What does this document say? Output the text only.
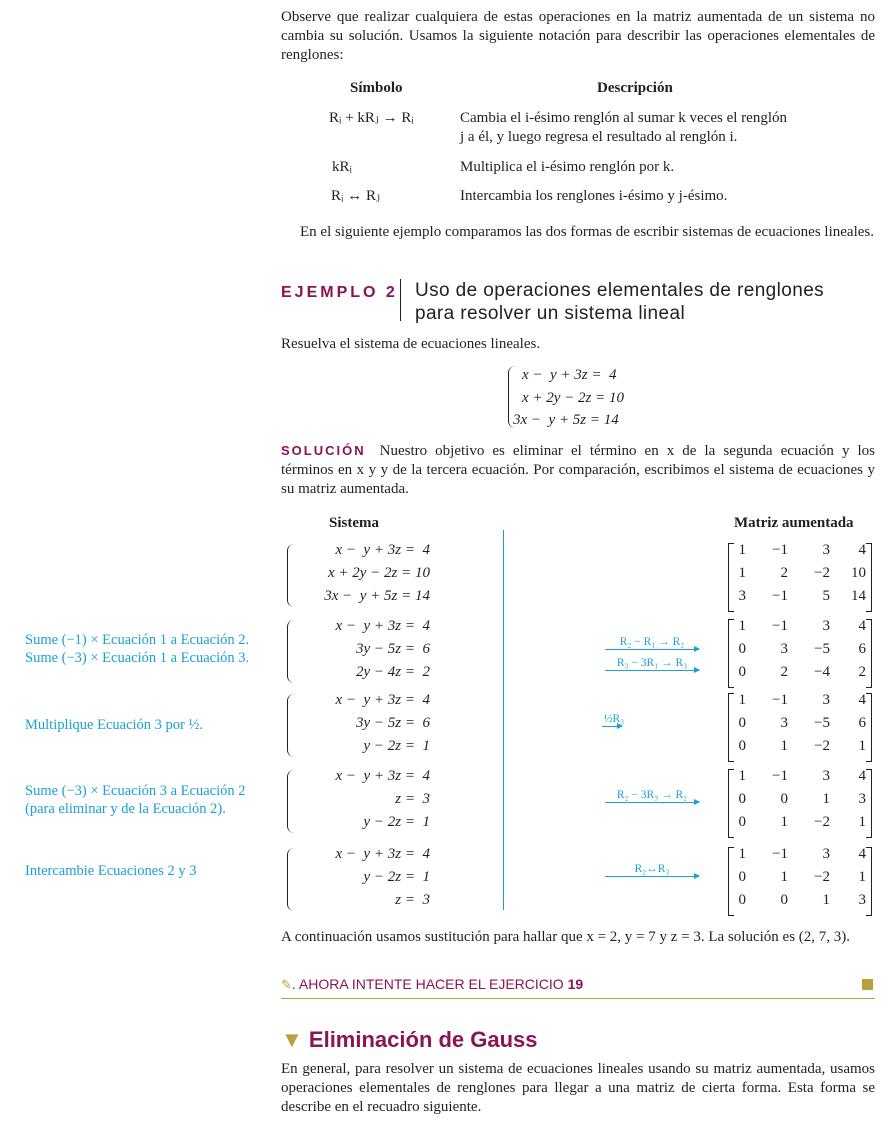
Observe que realizar cualquiera de estas operaciones en la matriz aumentada de un sistema no cambia su solución. Usamos la siguiente notación para describir las operaciones elementales de renglones:
Símbolo	Descripción
Rᵢ + kRⱼ → Rᵢ	Cambia el i-ésimo renglón al sumar k veces el renglón
j a él, y luego regresa el resultado al renglón i.
kRᵢ	Multiplica el i-ésimo renglón por k.
Rᵢ ↔ Rⱼ	Intercambia los renglones i-ésimo y j-ésimo.
En el siguiente ejemplo comparamos las dos formas de escribir sistemas de ecuaciones lineales.
EJEMPLO 2 Uso de operaciones elementales de renglones
para resolver un sistema lineal
Resuelva el sistema de ecuaciones lineales.
x −  y + 3z =  4
x + 2y − 2z = 10
3x −  y + 5z = 14
SOLUCIÓN Nuestro objetivo es eliminar el término en x de la segunda ecuación y los términos en x y y de la tercera ecuación. Por comparación, escribimos el sistema de ecuaciones y su matriz aumentada.
Sistema	Matriz aumentada
x −  y + 3z =  4
x + 2y − 2z = 10
3x −  y + 5z = 14
1	−1	3	4
1	2	−2	10
3	−1	5	14
Sume (−1) × Ecuación 1 a Ecuación 2. Sume (−3) × Ecuación 1 a Ecuación 3.
x −  y + 3z =  4
3y − 5z =  6
2y − 4z =  2
R₂ − R₁ → R₂
R₃ − 3R₁ → R₃
1	−1	3	4
0	3	−5	6
0	2	−4	2
Multiplique Ecuación 3 por ½.
x −  y + 3z =  4
3y − 5z =  6
y − 2z =  1
½R₃
1	−1	3	4
0	3	−5	6
0	1	−2	1
Sume (−3) × Ecuación 3 a Ecuación 2 (para eliminar y de la Ecuación 2).
x −  y + 3z =  4
z =  3
y − 2z =  1
R₂ − 3R₃ → R₂
1	−1	3	4
0	0	1	3
0	1	−2	1
Intercambie Ecuaciones 2 y 3
x −  y + 3z =  4
y − 2z =  1
z =  3
R₂↔R₃
1	−1	3	4
0	1	−2	1
0	0	1	3
A continuación usamos sustitución para hallar que x = 2, y = 7 y z = 3. La solución es (2, 7, 3).
✎. AHORA INTENTE HACER EL EJERCICIO 19
▼ Eliminación de Gauss
En general, para resolver un sistema de ecuaciones lineales usando su matriz aumentada, usamos operaciones elementales de renglones para llegar a una matriz de cierta forma. Esta forma se describe en el recuadro siguiente.
